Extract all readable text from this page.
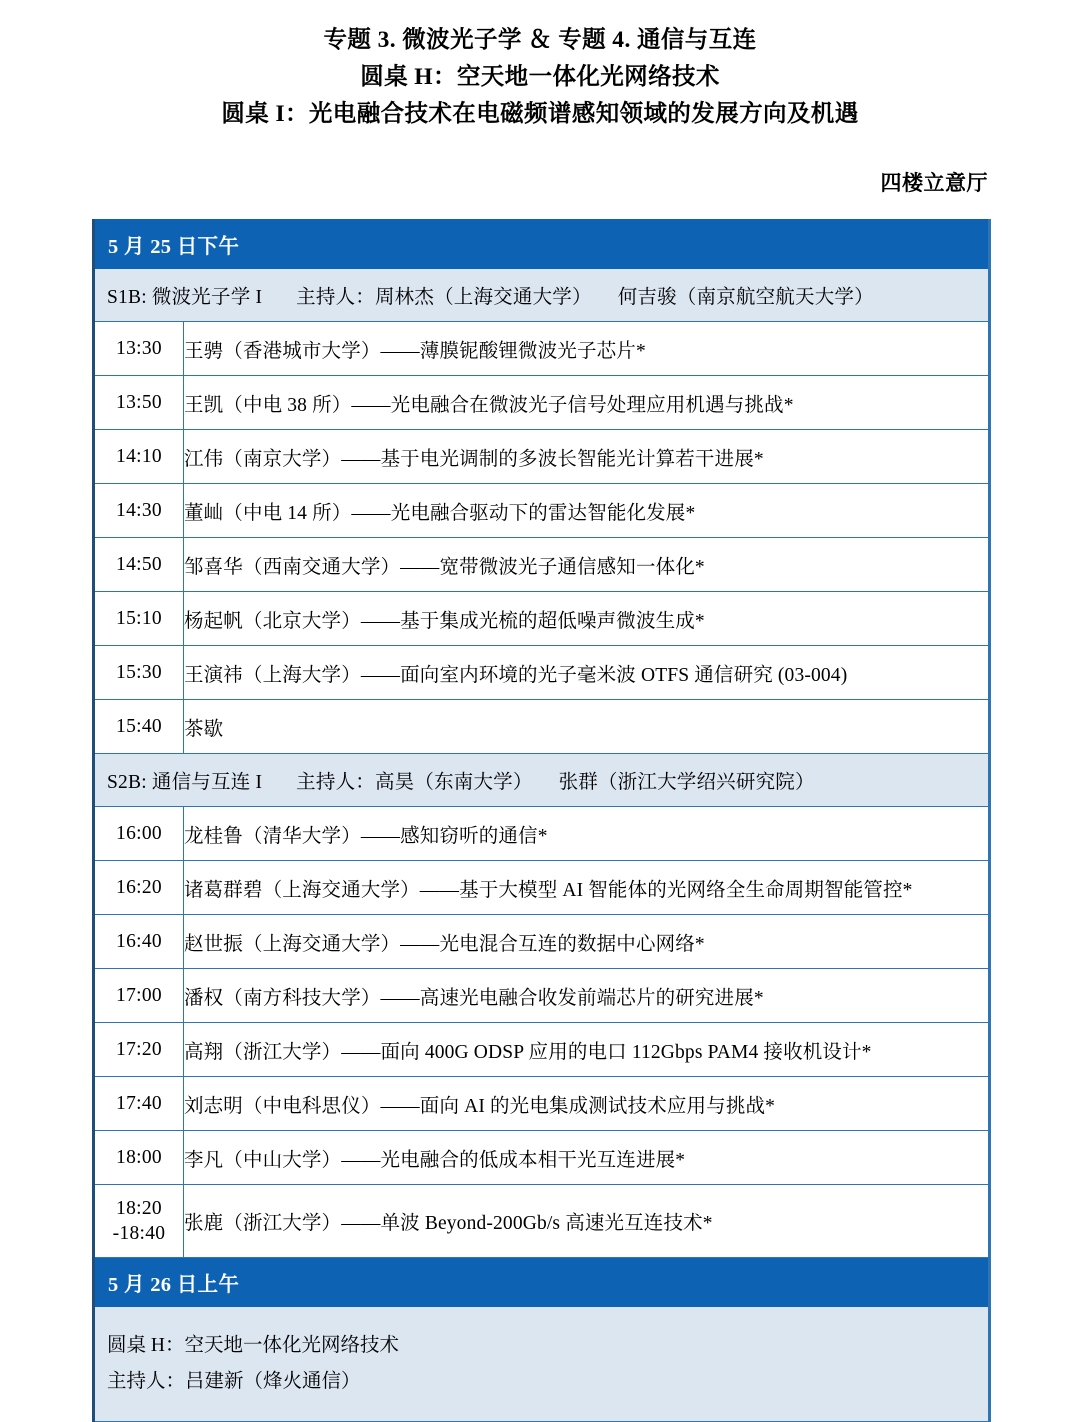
专题 3. 微波光子学 ＆ 专题 4. 通信与互连
圆桌 H：空天地一体化光网络技术
圆桌 I：光电融合技术在电磁频谱感知领域的发展方向及机遇
四楼立意厅
5 月 25 日下午	
S1B: 微波光子学 I 主持人：周林杰（上海交通大学） 何吉骏（南京航空航天大学）	
13:30	王骋（香港城市大学）——薄膜铌酸锂微波光子芯片*
13:50	王凯（中电 38 所）——光电融合在微波光子信号处理应用机遇与挑战*
14:10	江伟（南京大学）——基于电光调制的多波长智能光计算若干进展*
14:30	董屾（中电 14 所）——光电融合驱动下的雷达智能化发展*
14:50	邹喜华（西南交通大学）——宽带微波光子通信感知一体化*
15:10	杨起帆（北京大学）——基于集成光梳的超低噪声微波生成*
15:30	王演祎（上海大学）——面向室内环境的光子毫米波 OTFS 通信研究 (03-004)
15:40	茶歇
S2B: 通信与互连 I 主持人：高昊（东南大学） 张群（浙江大学绍兴研究院）	
16:00	龙桂鲁（清华大学）——感知窃听的通信*
16:20	诸葛群碧（上海交通大学）——基于大模型 AI 智能体的光网络全生命周期智能管控*
16:40	赵世振（上海交通大学）——光电混合互连的数据中心网络*
17:00	潘权（南方科技大学）——高速光电融合收发前端芯片的研究进展*
17:20	高翔（浙江大学）——面向 400G ODSP 应用的电口 112Gbps PAM4 接收机设计*
17:40	刘志明（中电科思仪）——面向 AI 的光电集成测试技术应用与挑战*
18:00	李凡（中山大学）——光电融合的低成本相干光互连进展*
18:20
-18:40	张鹿（浙江大学）——单波 Beyond-200Gb/s 高速光互连技术*
5 月 26 日上午	

圆桌 H：空天地一体化光网络技术
主持人：吕建新（烽火通信）	
